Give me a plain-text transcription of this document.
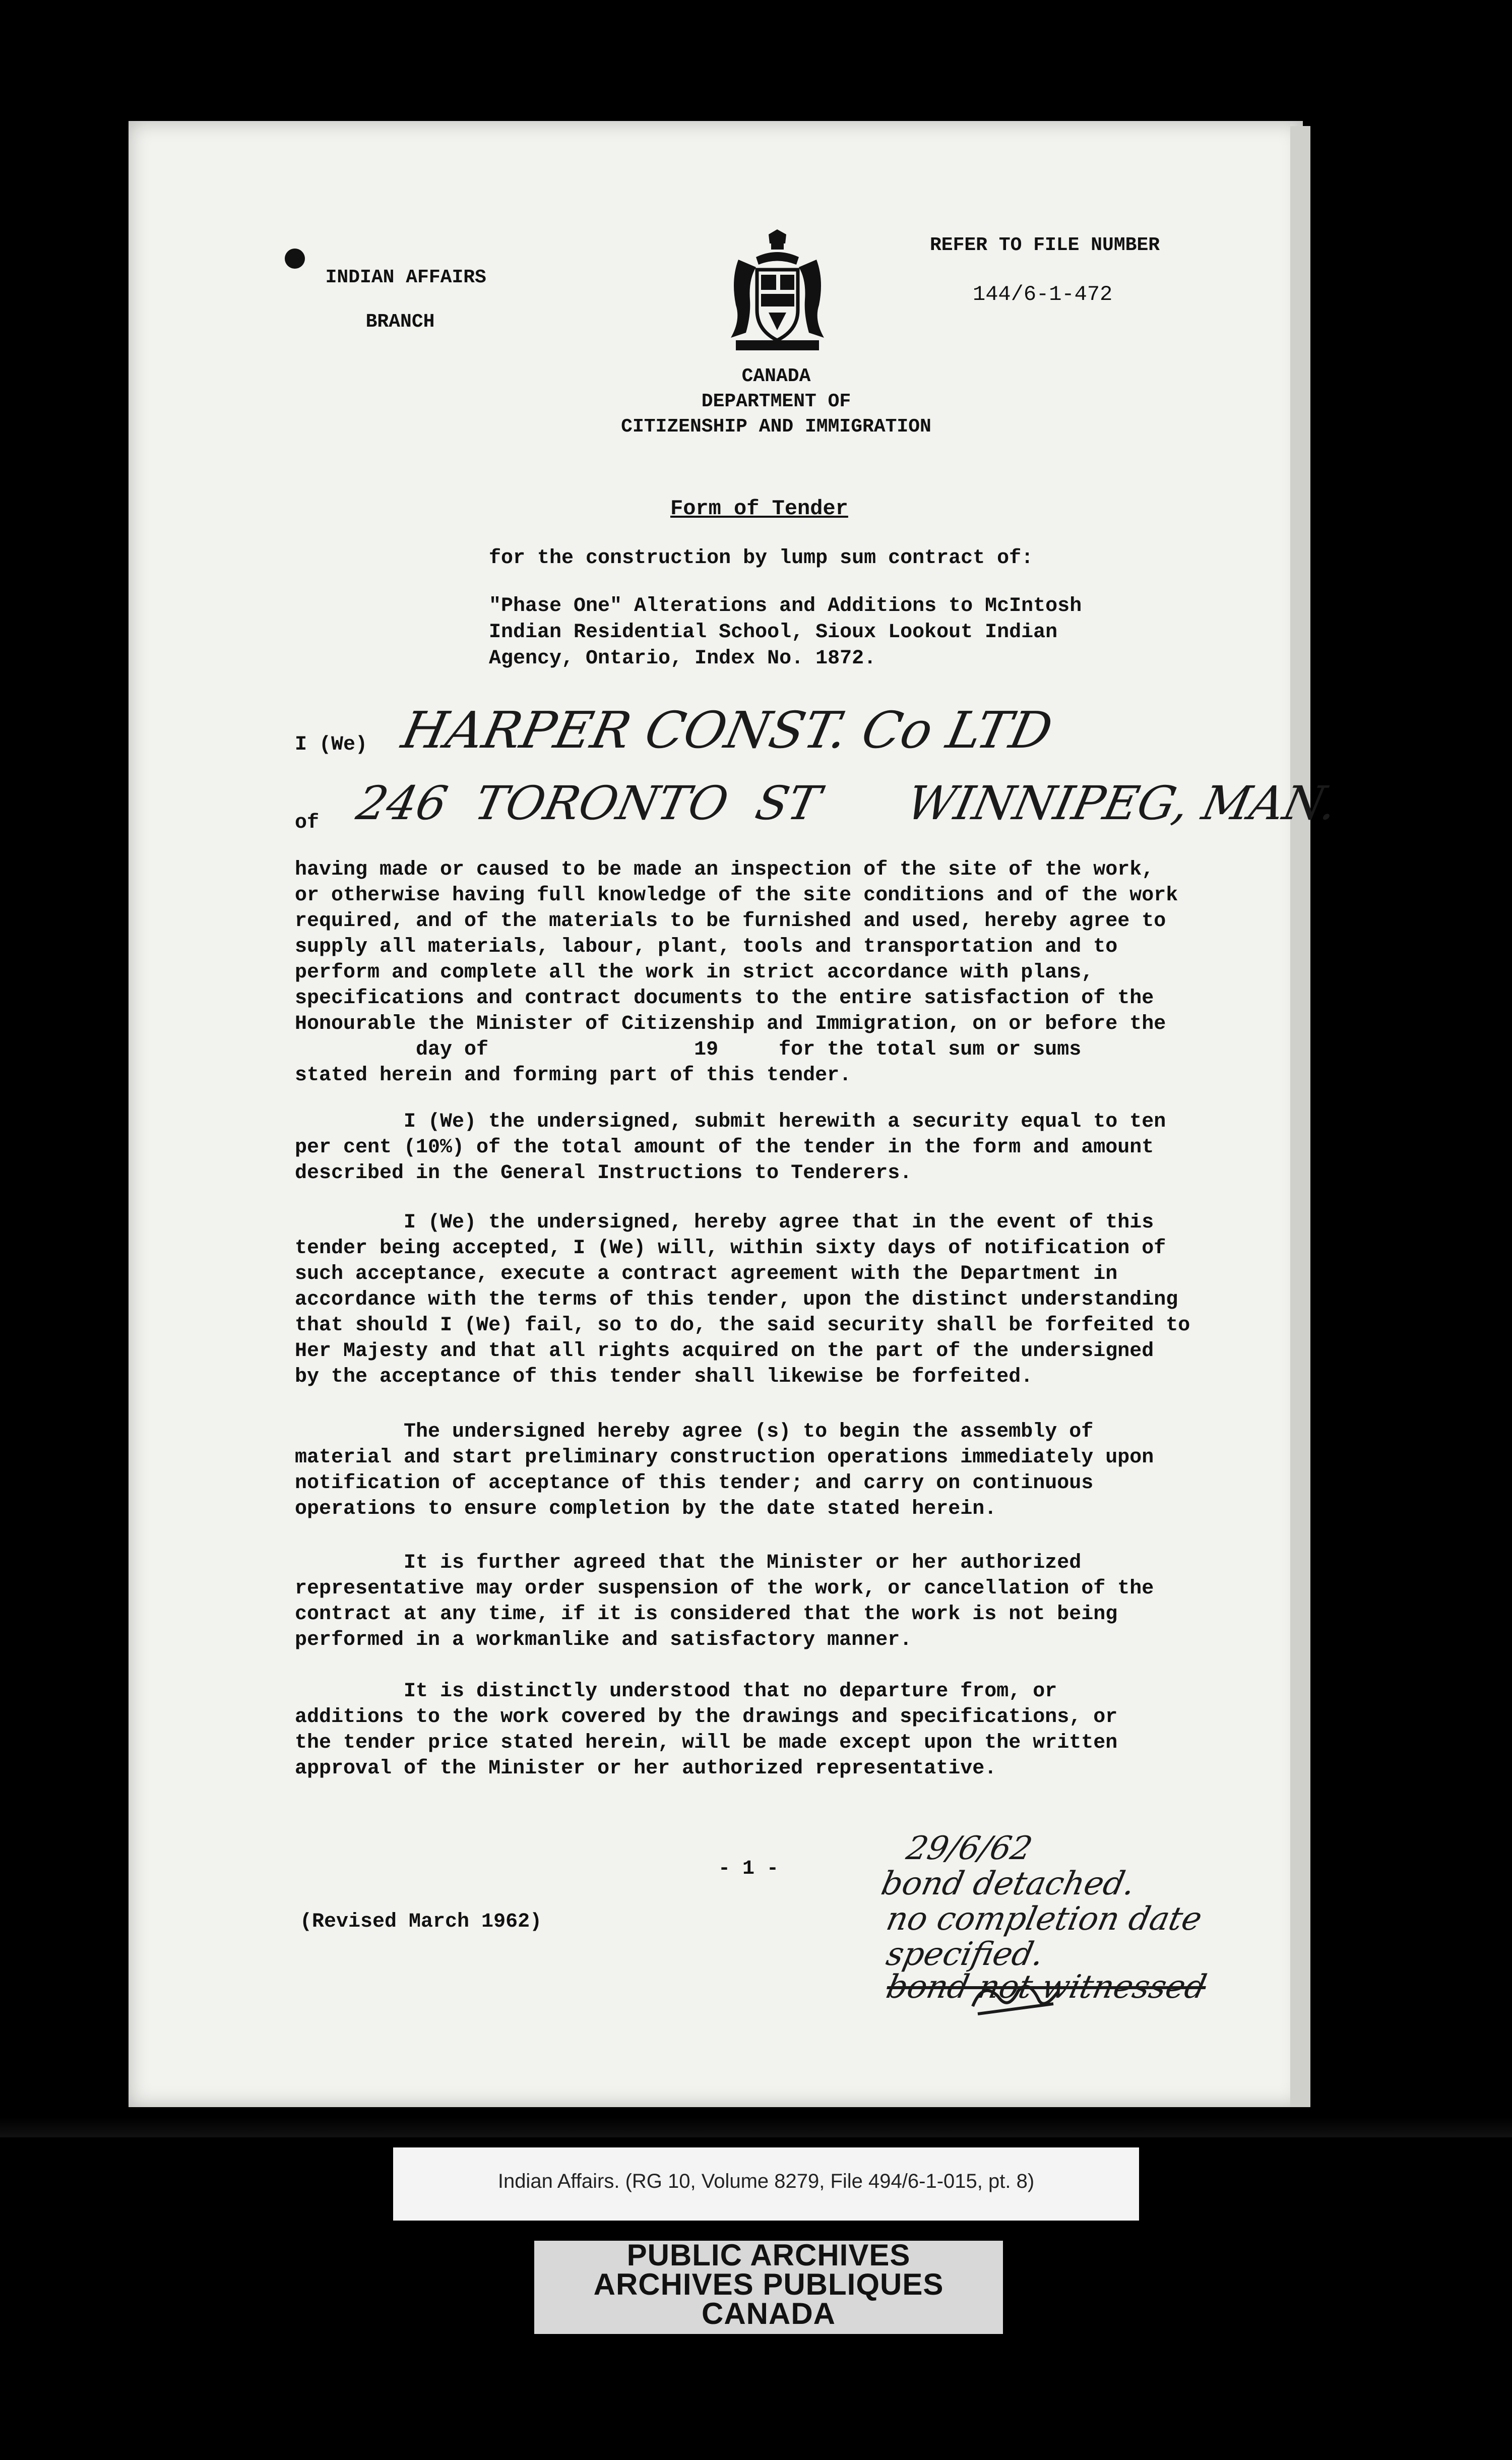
INDIAN AFFAIRS

BRANCH

REFER TO FILE NUMBER
144/6-1-472
CANADA
DEPARTMENT OF
CITIZENSHIP AND IMMIGRATION
Form of Tender
for the construction by lump sum contract of:
"Phase One" Alterations and Additions to McIntosh
Indian Residential School, Sioux Lookout Indian
Agency, Ontario, Index No. 1872.
I (We) HARPER CONST. Co LTD
of 246  TORONTO  ST      WINNIPEG, MAN.
having made or caused to be made an inspection of the site of the work,
or otherwise having full knowledge of the site conditions and of the work
required, and of the materials to be furnished and used, hereby agree to
supply all materials, labour, plant, tools and transportation and to
perform and complete all the work in strict accordance with plans,
specifications and contract documents to the entire satisfaction of the
Honourable the Minister of Citizenship and Immigration, on or before the
day of                 19     for the total sum or sums
stated herein and forming part of this tender.
I (We) the undersigned, submit herewith a security equal to ten
per cent (10%) of the total amount of the tender in the form and amount
described in the General Instructions to Tenderers.
I (We) the undersigned, hereby agree that in the event of this
tender being accepted, I (We) will, within sixty days of notification of
such acceptance, execute a contract agreement with the Department in
accordance with the terms of this tender, upon the distinct understanding
that should I (We) fail, so to do, the said security shall be forfeited to
Her Majesty and that all rights acquired on the part of the undersigned
by the acceptance of this tender shall likewise be forfeited.
The undersigned hereby agree (s) to begin the assembly of
material and start preliminary construction operations immediately upon
notification of acceptance of this tender; and carry on continuous
operations to ensure completion by the date stated herein.
It is further agreed that the Minister or her authorized
representative may order suspension of the work, or cancellation of the
contract at any time, if it is considered that the work is not being
performed in a workmanlike and satisfactory manner.
It is distinctly understood that no departure from, or
additions to the work covered by the drawings and specifications, or
the tender price stated herein, will be made except upon the written
approval of the Minister or her authorized representative.
- 1 -
(Revised March 1962)
29/6/62
bond detached.
no completion date
specified.
bond not witnessed
Indian Affairs. (RG 10, Volume 8279, File 494/6-1-015, pt. 8)
PUBLIC ARCHIVES
ARCHIVES PUBLIQUES
CANADA
